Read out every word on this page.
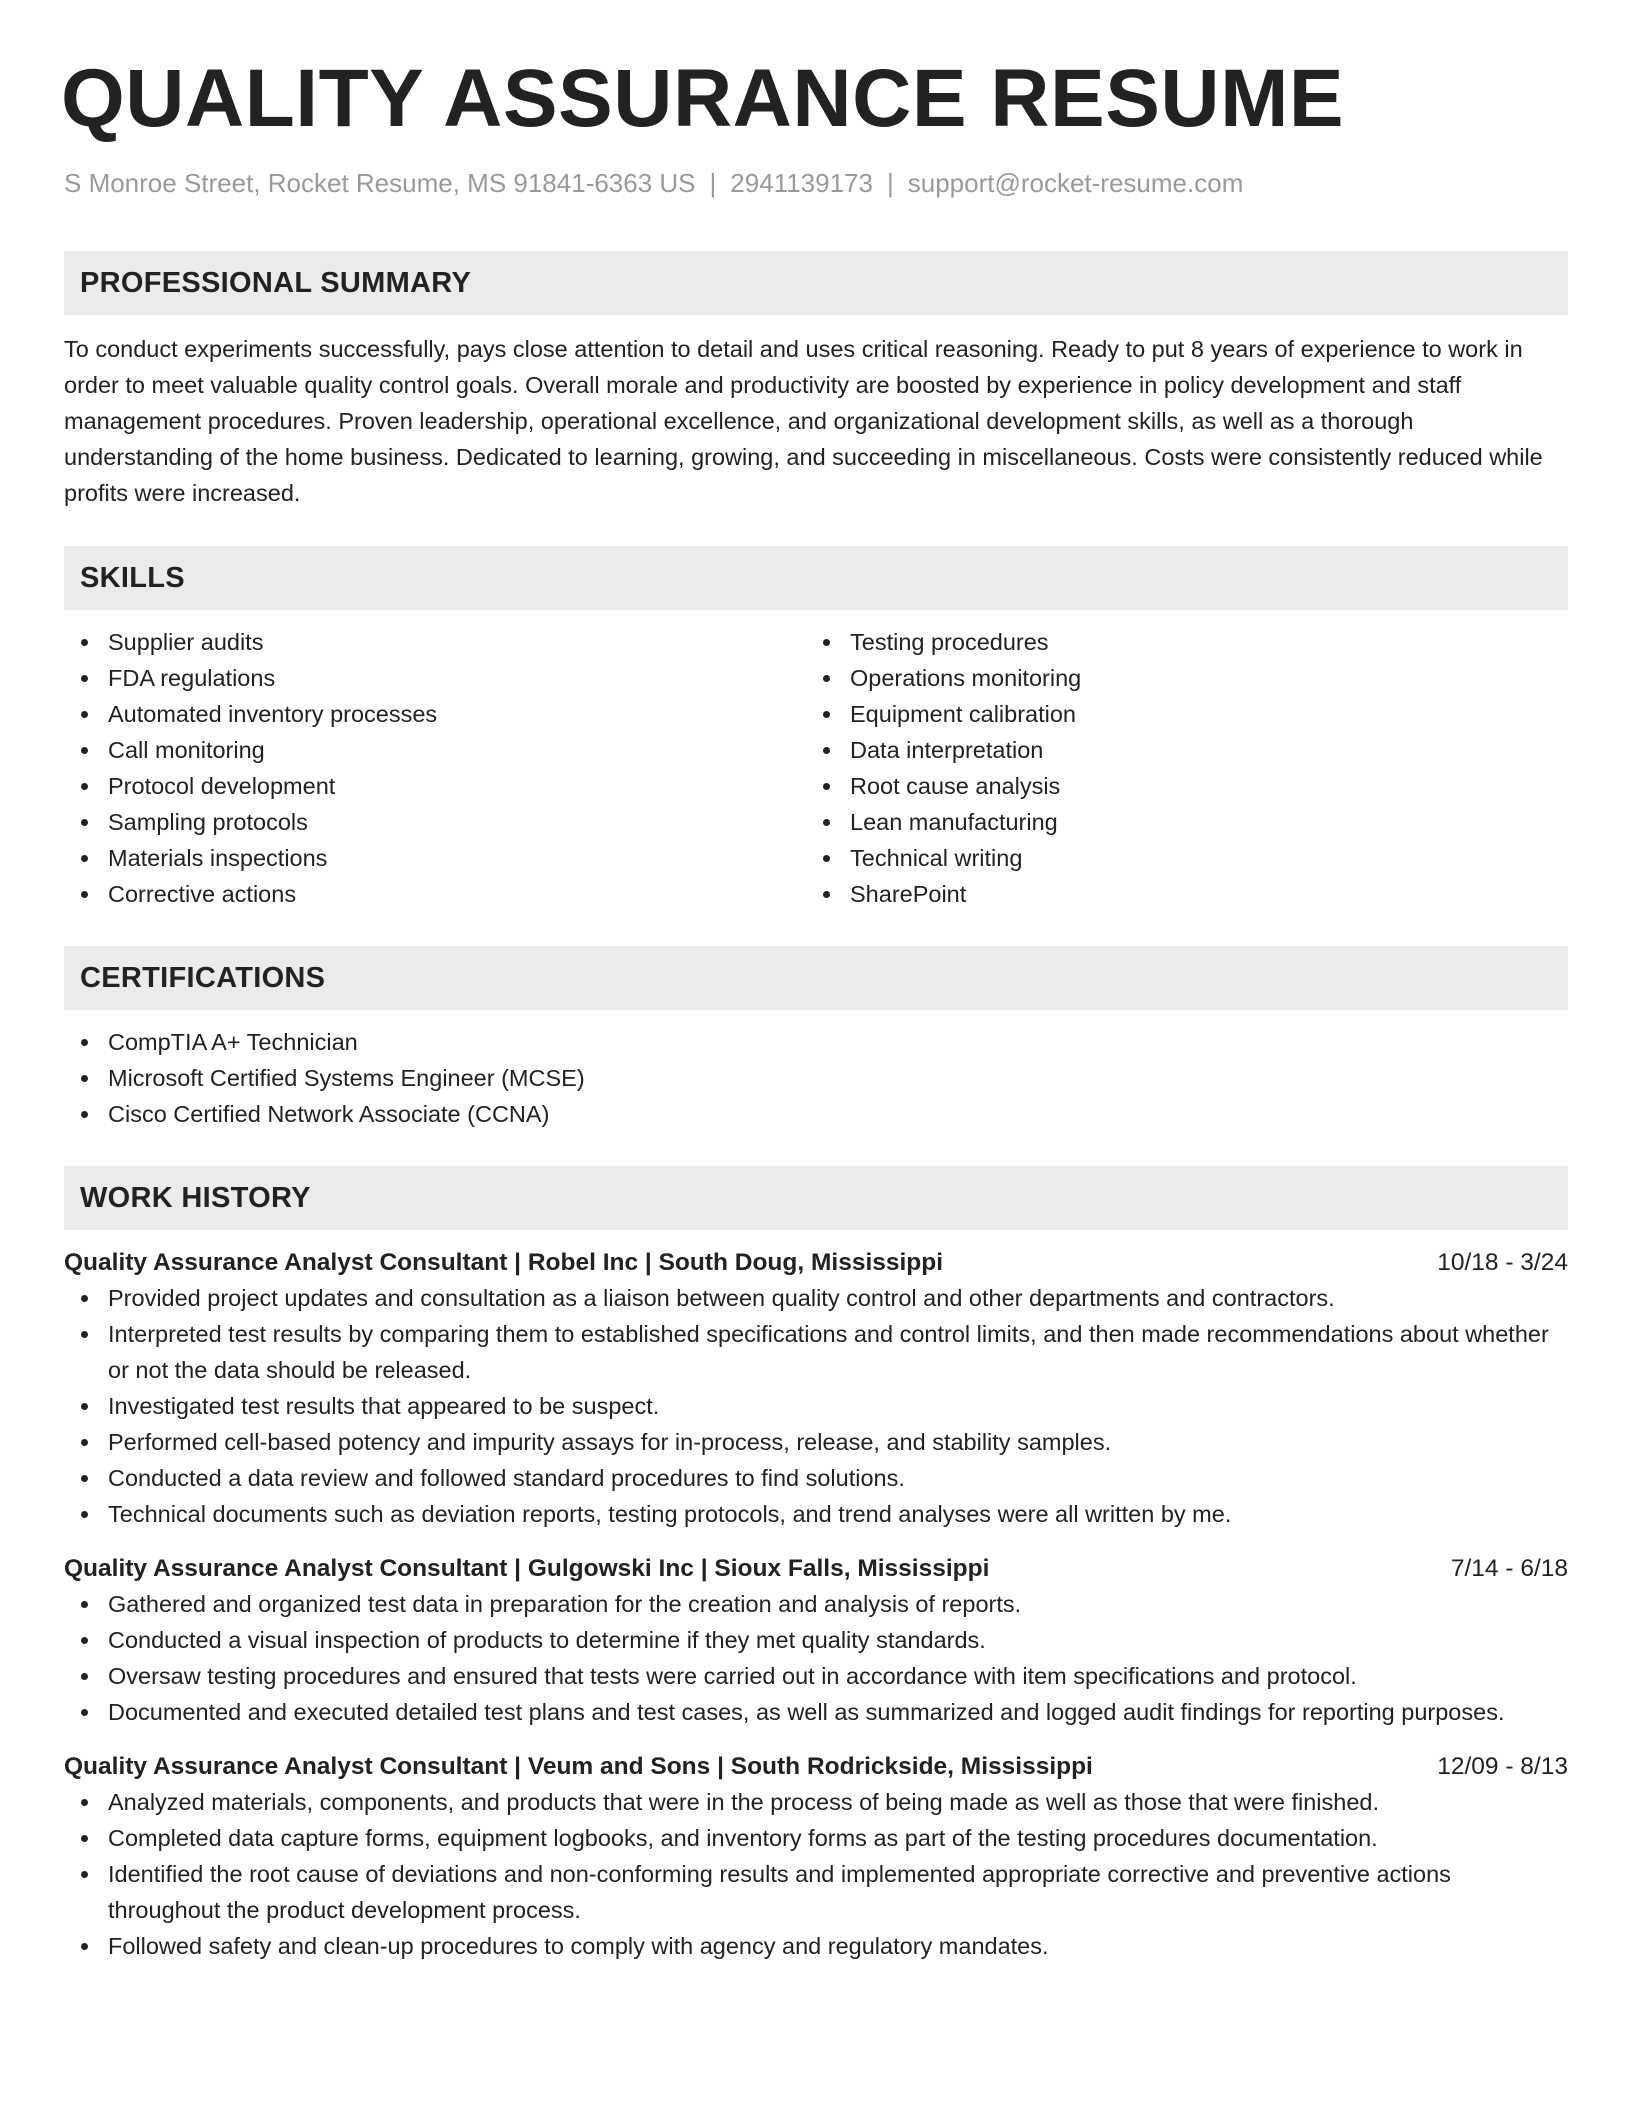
QUALITY ASSURANCE RESUME
S Monroe Street, Rocket Resume, MS 91841-6363 US | 2941139173 | support@rocket-resume.com
PROFESSIONAL SUMMARY

To conduct experiments successfully, pays close attention to detail and uses critical reasoning. Ready to put 8 years of experience to work in order to meet valuable quality control goals. Overall morale and productivity are boosted by experience in policy development and staff management procedures. Proven leadership, operational excellence, and organizational development skills, as well as a thorough understanding of the home business. Dedicated to learning, growing, and succeeding in miscellaneous. Costs were consistently reduced while profits were increased.

SKILLS
Supplier audits
FDA regulations
Automated inventory processes
Call monitoring
Protocol development
Sampling protocols
Materials inspections
Corrective actions
Testing procedures
Operations monitoring
Equipment calibration
Data interpretation
Root cause analysis
Lean manufacturing
Technical writing
SharePoint
CERTIFICATIONS
CompTIA A+ Technician
Microsoft Certified Systems Engineer (MCSE)
Cisco Certified Network Associate (CCNA)
WORK HISTORY
Quality Assurance Analyst Consultant | Robel Inc | South Doug, Mississippi	10/18 - 3/24
Provided project updates and consultation as a liaison between quality control and other departments and contractors.
Interpreted test results by comparing them to established specifications and control limits, and then made recommendations about whether or not the data should be released.
Investigated test results that appeared to be suspect.
Performed cell-based potency and impurity assays for in-process, release, and stability samples.
Conducted a data review and followed standard procedures to find solutions.
Technical documents such as deviation reports, testing protocols, and trend analyses were all written by me.
Quality Assurance Analyst Consultant | Gulgowski Inc | Sioux Falls, Mississippi	7/14 - 6/18
Gathered and organized test data in preparation for the creation and analysis of reports.
Conducted a visual inspection of products to determine if they met quality standards.
Oversaw testing procedures and ensured that tests were carried out in accordance with item specifications and protocol.
Documented and executed detailed test plans and test cases, as well as summarized and logged audit findings for reporting purposes.
Quality Assurance Analyst Consultant | Veum and Sons | South Rodrickside, Mississippi	12/09 - 8/13
Analyzed materials, components, and products that were in the process of being made as well as those that were finished.
Completed data capture forms, equipment logbooks, and inventory forms as part of the testing procedures documentation.
Identified the root cause of deviations and non-conforming results and implemented appropriate corrective and preventive actions throughout the product development process.
Followed safety and clean-up procedures to comply with agency and regulatory mandates.
